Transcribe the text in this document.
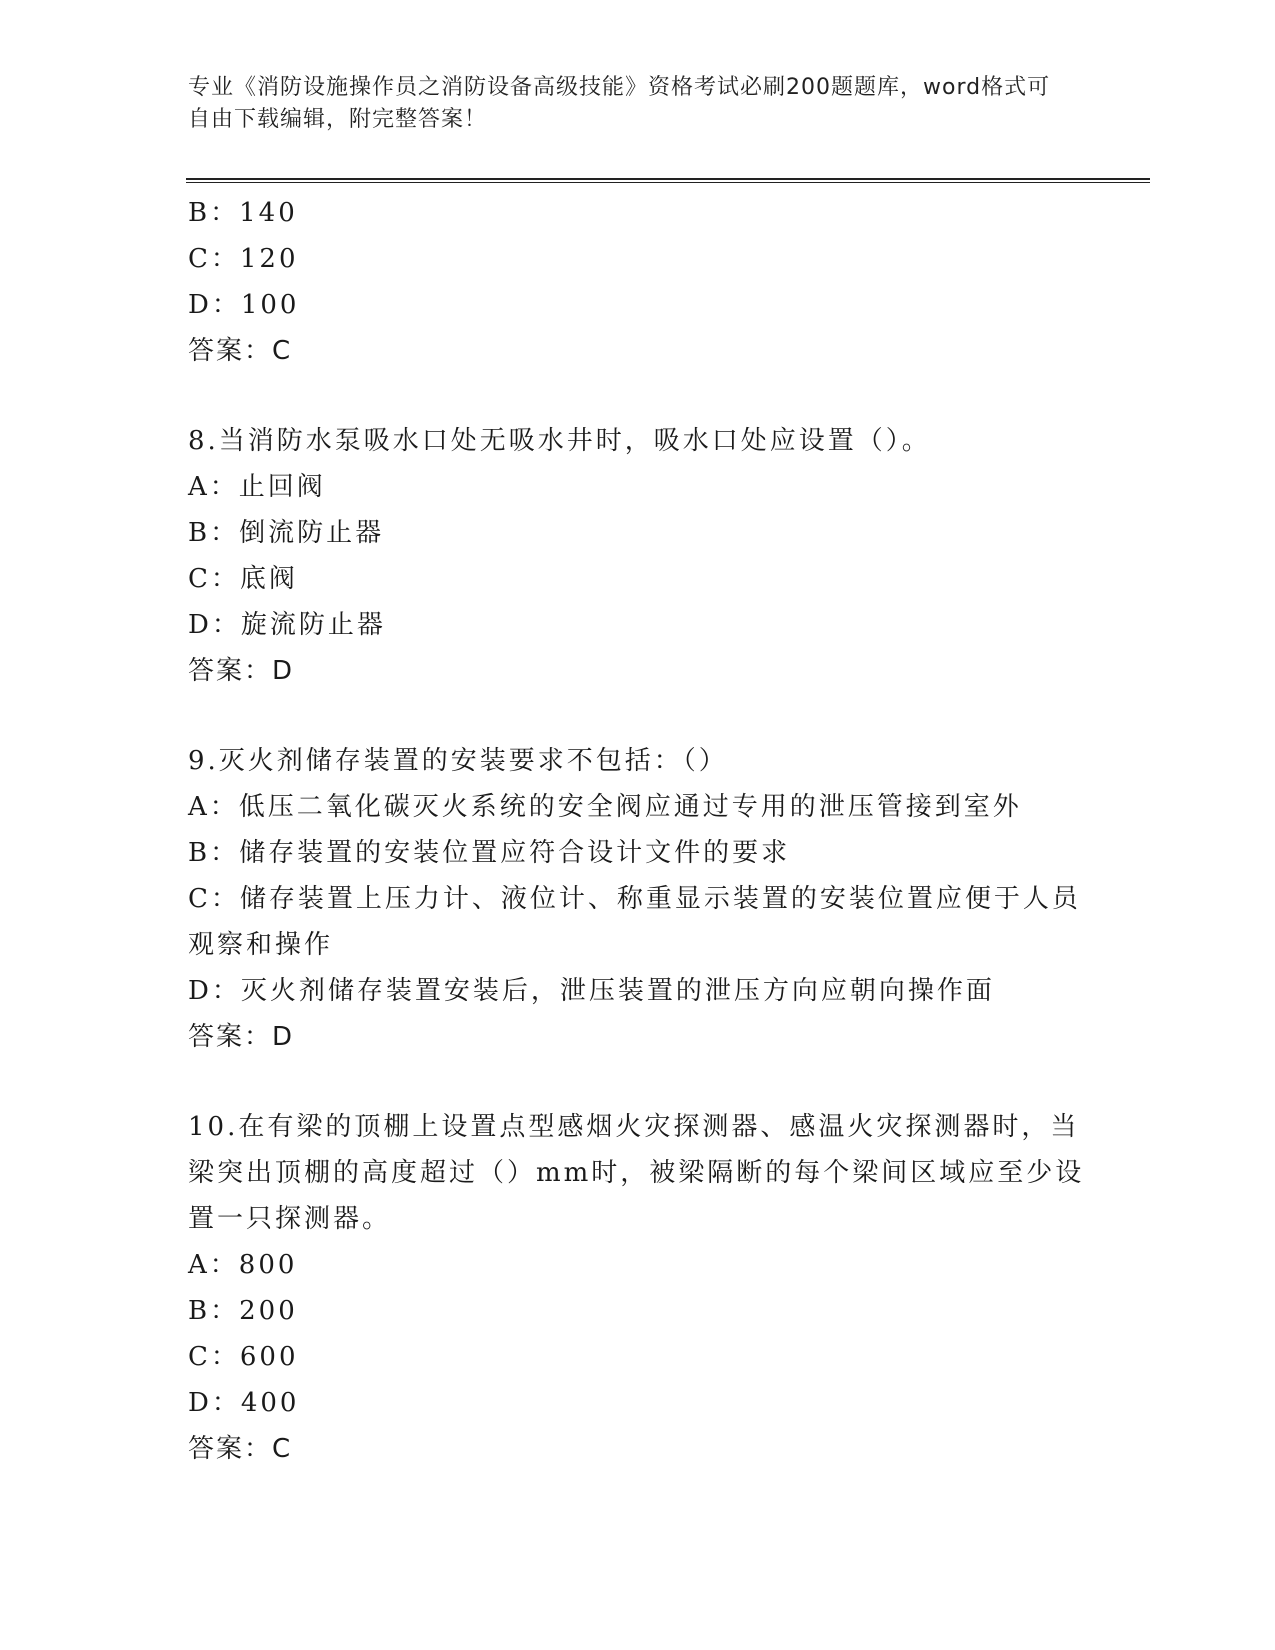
专业《消防设施操作员之消防设备高级技能》资格考试必刷200题题库，word格式可自由下载编辑，附完整答案！
B：140
C：120
D：100
答案：C
8.当消防水泵吸水口处无吸水井时，吸水口处应设置（）。
A：止回阀
B：倒流防止器
C：底阀
D：旋流防止器
答案：D
9.灭火剂储存装置的安装要求不包括：（）
A：低压二氧化碳灭火系统的安全阀应通过专用的泄压管接到室外
B：储存装置的安装位置应符合设计文件的要求
C：储存装置上压力计、液位计、称重显示装置的安装位置应便于人员观察和操作
D：灭火剂储存装置安装后，泄压装置的泄压方向应朝向操作面
答案：D
10.在有梁的顶棚上设置点型感烟火灾探测器、感温火灾探测器时，当梁突出顶棚的高度超过（）mm时，被梁隔断的每个梁间区域应至少设置一只探测器。
A：800
B：200
C：600
D：400
答案：C
